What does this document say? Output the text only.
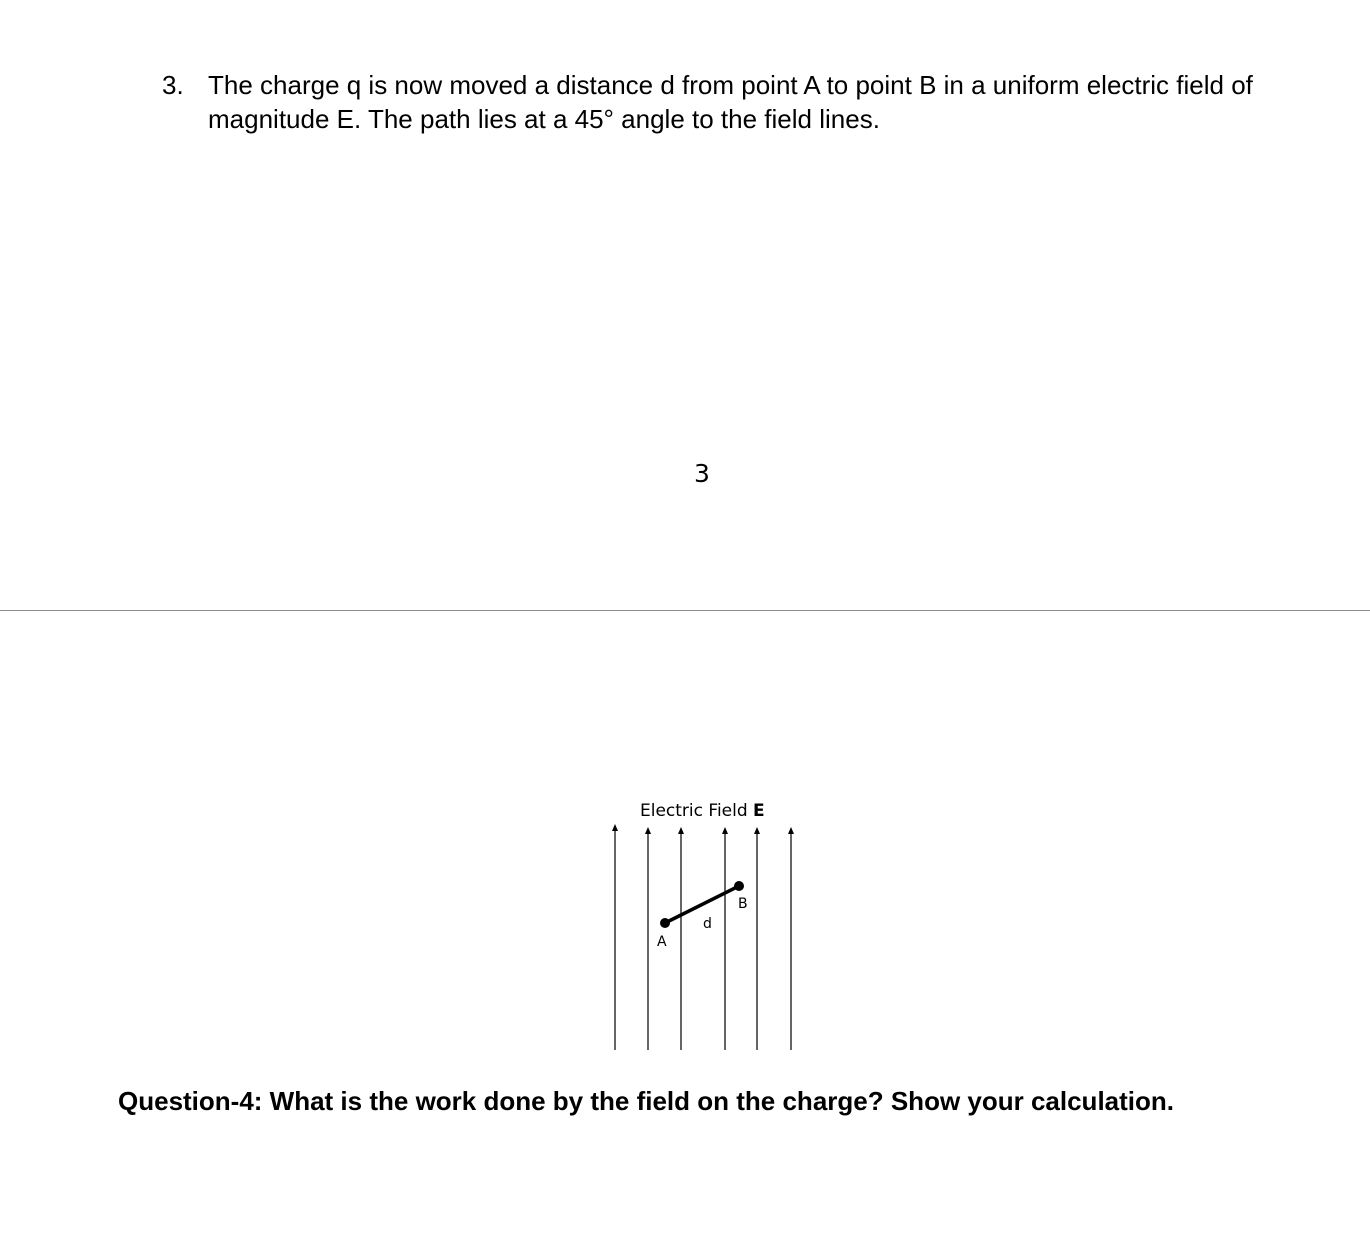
3. The charge q is now moved a distance d from point A to point B in a uniform electric field of magnitude E. The path lies at a 45° angle to the field lines.
3
Electric Field E
A
B
d
Question-4: What is the work done by the field on the charge? Show your calculation.
